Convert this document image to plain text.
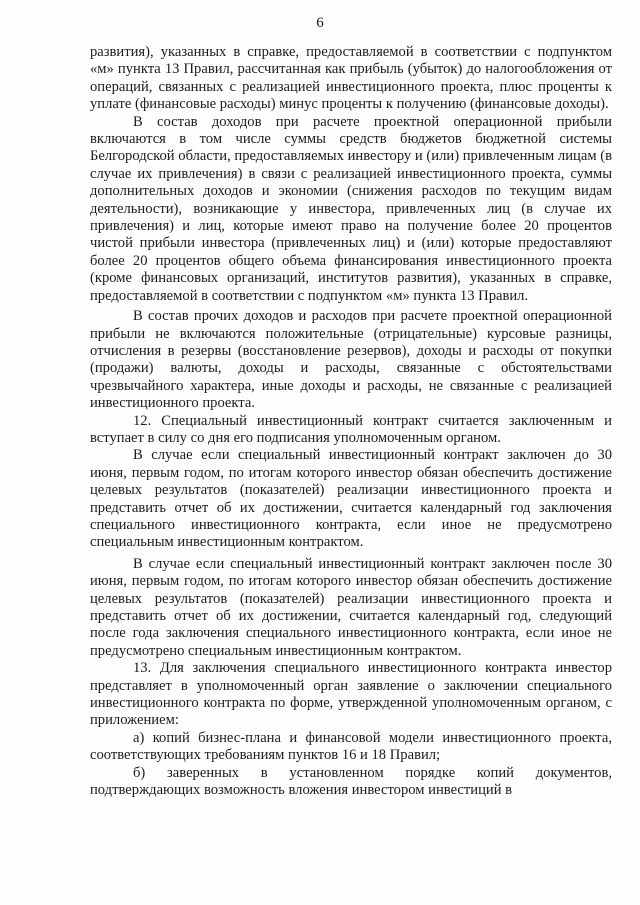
6

развития), указанных в справке, предоставляемой в соответствии с подпунктом «м» пункта 13 Правил, рассчитанная как прибыль (убыток) до налогообложения от операций, связанных с реализацией инвестиционного проекта, плюс проценты к уплате (финансовые расходы) минус проценты к получению (финансовые доходы).

В состав доходов при расчете проектной операционной прибыли включаются в том числе суммы средств бюджетов бюджетной системы Белгородской области, предоставляемых инвестору и (или) привлеченным лицам (в случае их привлечения) в связи с реализацией инвестиционного проекта, суммы дополнительных доходов и экономии (снижения расходов по текущим видам деятельности), возникающие у инвестора, привлеченных лиц (в случае их привлечения) и лиц, которые имеют право на получение более 20 процентов чистой прибыли инвестора (привлеченных лиц) и (или) которые предоставляют более 20 процентов общего объема финансирования инвестиционного проекта (кроме финансовых организаций, институтов развития), указанных в справке, предоставляемой в соответствии с подпунктом «м» пункта 13 Правил.

В состав прочих доходов и расходов при расчете проектной операционной прибыли не включаются положительные (отрицательные) курсовые разницы, отчисления в резервы (восстановление резервов), доходы и расходы от покупки (продажи) валюты, доходы и расходы, связанные с обстоятельствами чрезвычайного характера, иные доходы и расходы, не связанные с реализацией инвестиционного проекта.

12. Специальный инвестиционный контракт считается заключенным и вступает в силу со дня его подписания уполномоченным органом.

В случае если специальный инвестиционный контракт заключен до 30 июня, первым годом, по итогам которого инвестор обязан обеспечить достижение целевых результатов (показателей) реализации инвестиционного проекта и представить отчет об их достижении, считается календарный год заключения специального инвестиционного контракта, если иное не предусмотрено специальным инвестиционным контрактом.

В случае если специальный инвестиционный контракт заключен после 30 июня, первым годом, по итогам которого инвестор обязан обеспечить достижение целевых результатов (показателей) реализации инвестиционного проекта и представить отчет об их достижении, считается календарный год, следующий после года заключения специального инвестиционного контракта, если иное не предусмотрено специальным инвестиционным контрактом.

13. Для заключения специального инвестиционного контракта инвестор представляет в уполномоченный орган заявление о заключении специального инвестиционного контракта по форме, утвержденной уполномоченным органом, с приложением:

а) копий бизнес-плана и финансовой модели инвестиционного проекта, соответствующих требованиям пунктов 16 и 18 Правил;

б) заверенных в установленном порядке копий документов, подтверждающих возможность вложения инвестором инвестиций в
